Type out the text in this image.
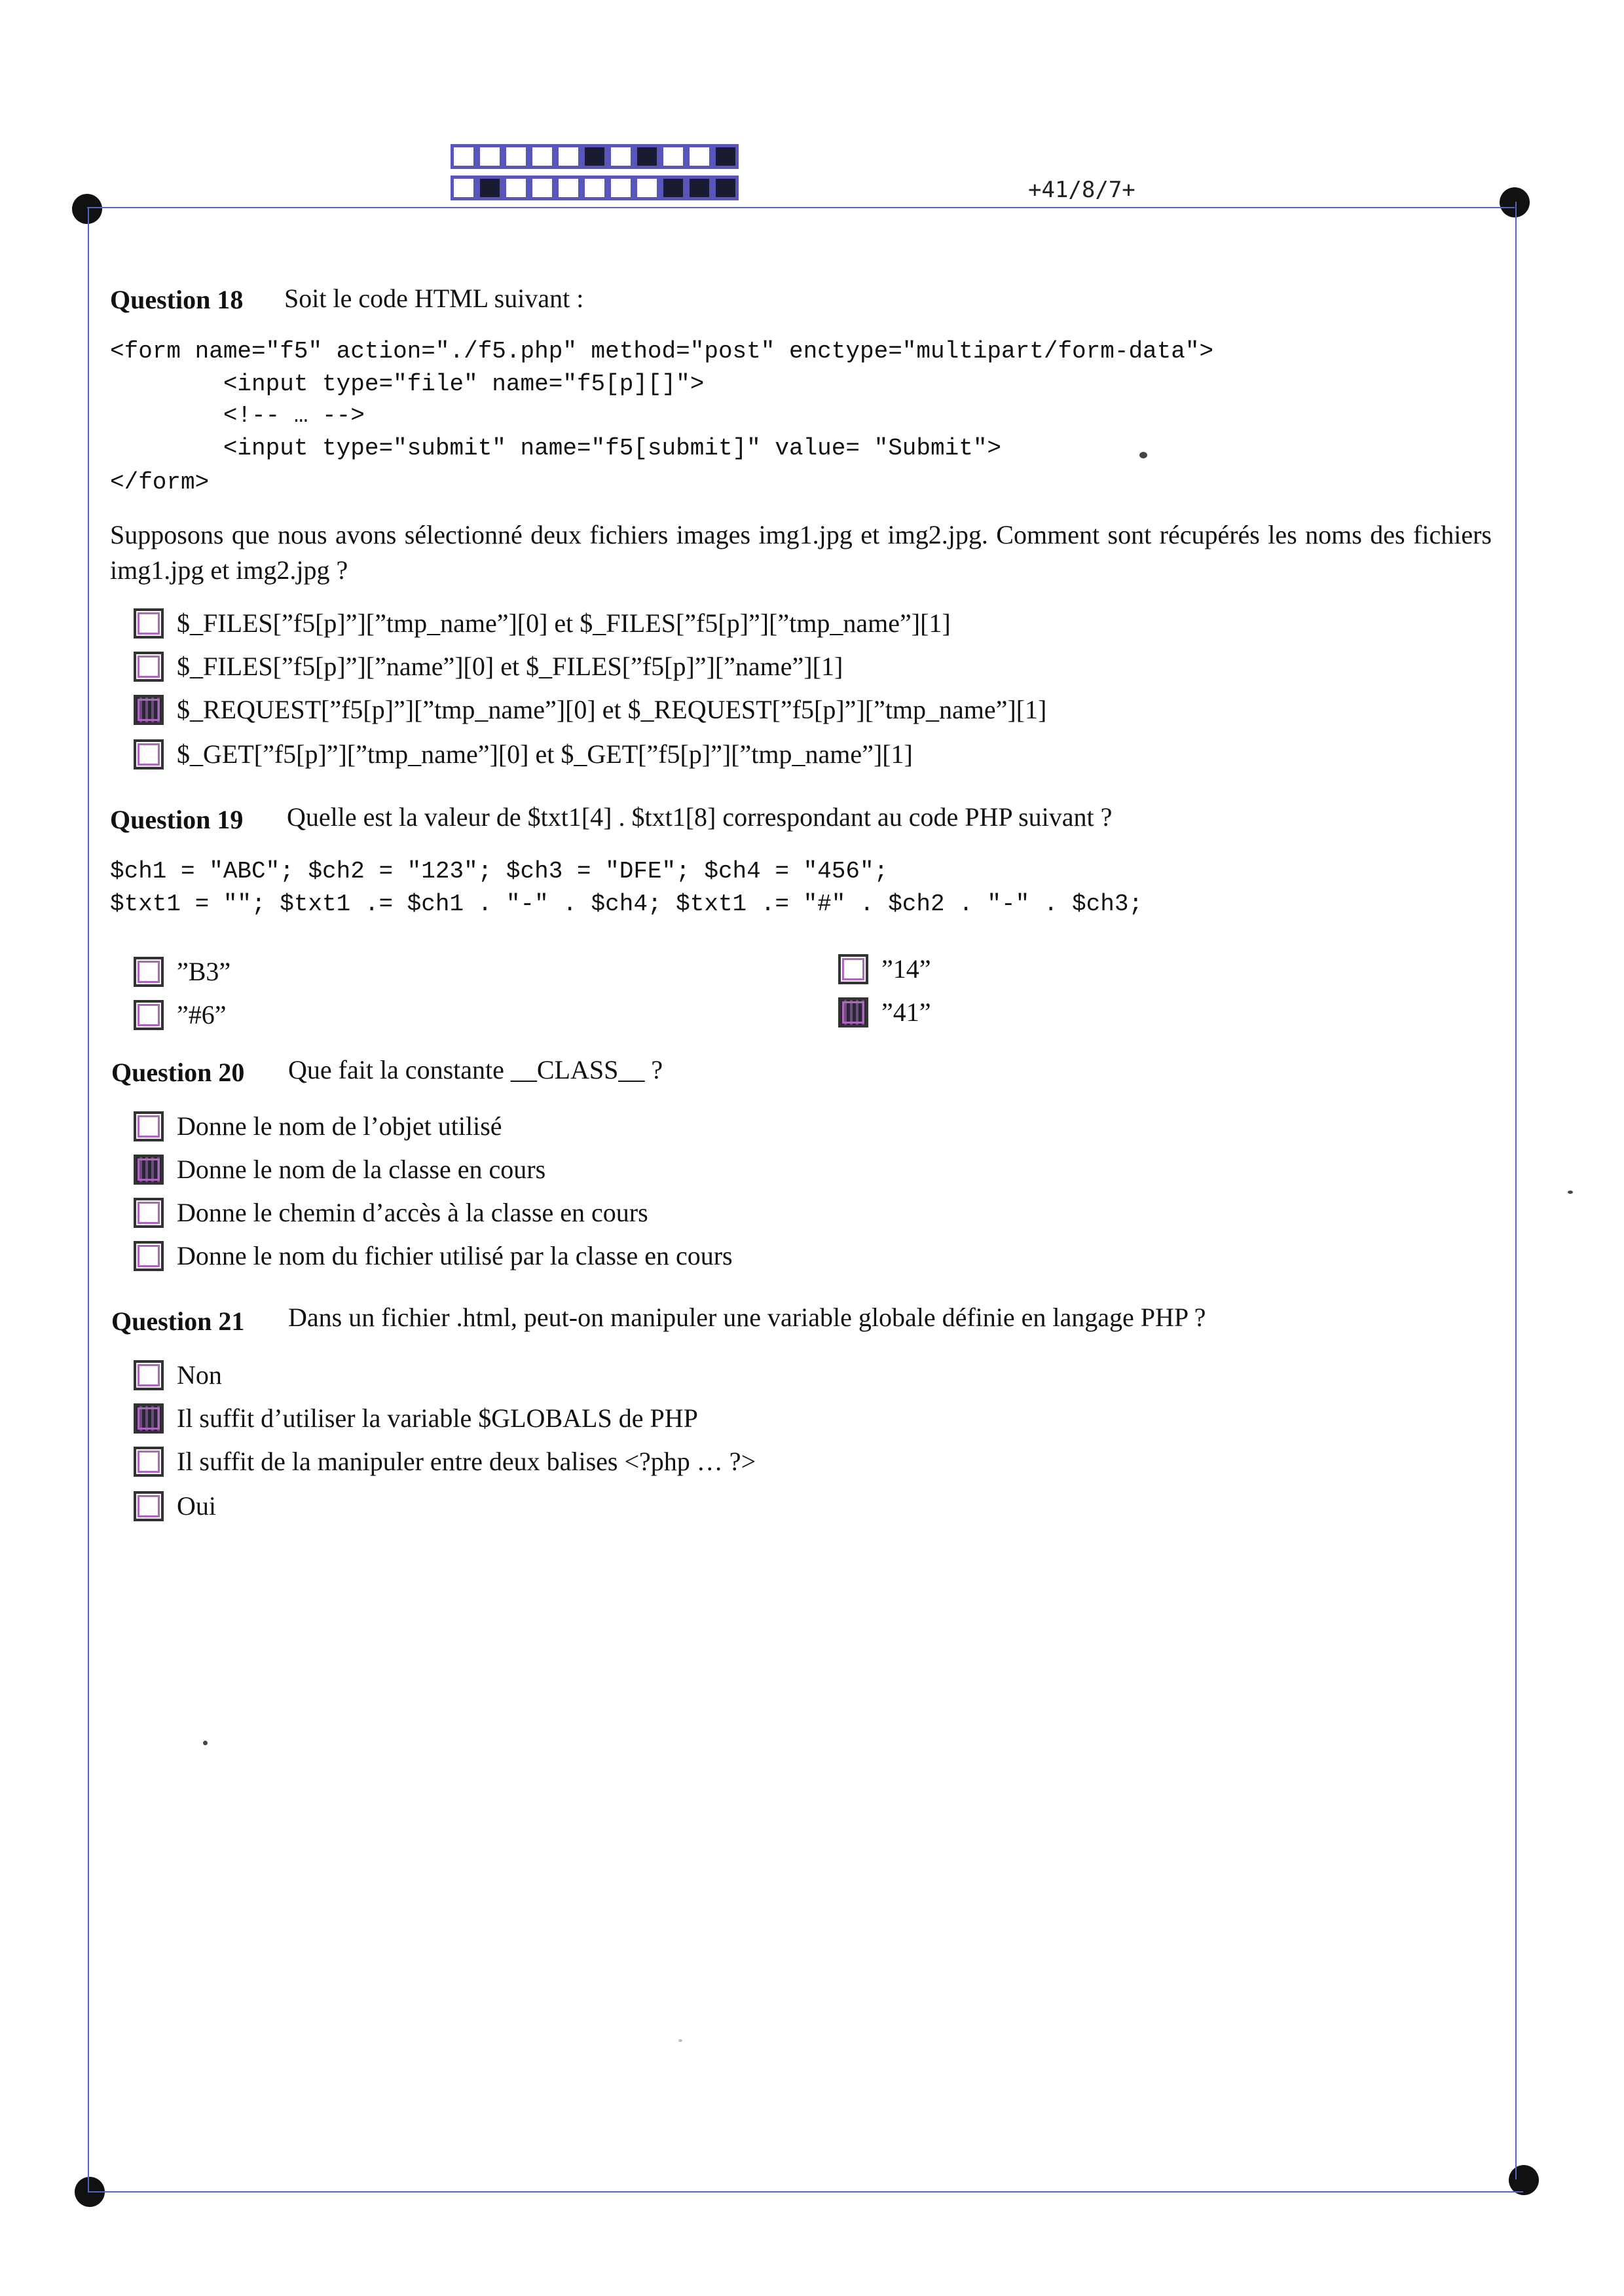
+41/8/7+
Question 18 Soit le code HTML suivant :
<form name="f5" action="./f5.php" method="post" enctype="multipart/form-data">
<input type="file" name="f5[p][]">
<!-- … -->
<input type="submit" name="f5[submit]" value= "Submit">
</form>
Supposons que nous avons sélectionné deux fichiers images img1.jpg et img2.jpg. Comment sont récupérés les noms des fichiers img1.jpg et img2.jpg ?
$_FILES[”f5[p]”][”tmp_name”][0] et $_FILES[”f5[p]”][”tmp_name”][1]
$_FILES[”f5[p]”][”name”][0] et $_FILES[”f5[p]”][”name”][1]
$_REQUEST[”f5[p]”][”tmp_name”][0] et $_REQUEST[”f5[p]”][”tmp_name”][1]
$_GET[”f5[p]”][”tmp_name”][0] et $_GET[”f5[p]”][”tmp_name”][1]
Question 19 Quelle est la valeur de $txt1[4] . $txt1[8] correspondant au code PHP suivant ?
$ch1 = "ABC"; $ch2 = "123"; $ch3 = "DFE"; $ch4 = "456";
$txt1 = ""; $txt1 .= $ch1 . "-" . $ch4; $txt1 .= "#" . $ch2 . "-" . $ch3;
”B3”
”#6”
”14”
”41”
Question 20 Que fait la constante __CLASS__ ?
Donne le nom de l’objet utilisé
Donne le nom de la classe en cours
Donne le chemin d’accès à la classe en cours
Donne le nom du fichier utilisé par la classe en cours
Question 21 Dans un fichier .html, peut-on manipuler une variable globale définie en langage PHP ?
Non
Il suffit d’utiliser la variable $GLOBALS de PHP
Il suffit de la manipuler entre deux balises <?php … ?>
Oui
